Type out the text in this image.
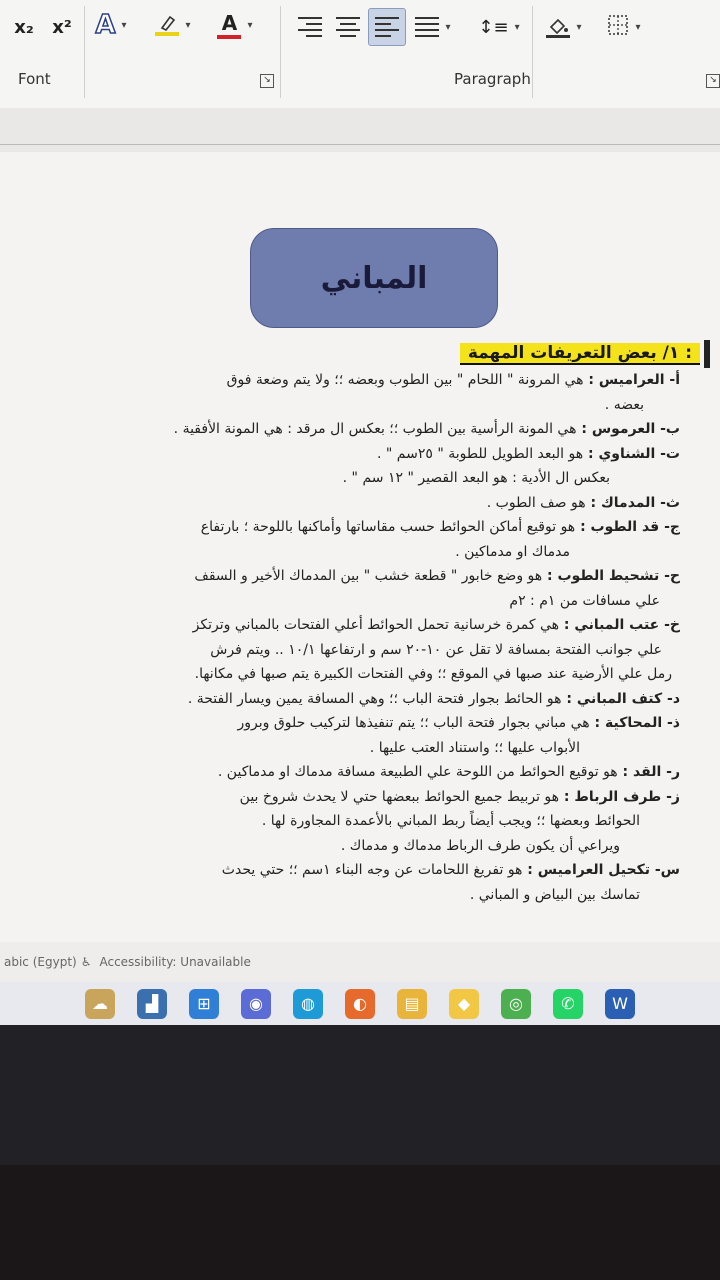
x₂ x² A ▾	▾ A ▾
Font	↘
▾ ↕≡ ▾	▾	▾
Paragraph	↘
المباني
١/ بعض التعريفات المهمة :
أ- العراميس : هي المرونة " اللحام " بين الطوب وبعضه ؛؛ ولا يتم وضعة فوق
بعضه .
ب- العرموس : هي المونة الرأسية بين الطوب ؛؛ بعكس ال مرقد : هي المونة الأفقية .
ت- الشناوي : هو البعد الطويل للطوبة " ٢٥سم " .
بعكس ال الأدية : هو البعد القصير " ١٢ سم " .
ث- المدماك : هو صف الطوب .
ج- قد الطوب : هو توقيع أماكن الحوائط حسب مقاساتها وأماكنها باللوحة ؛ بارتفاع
مدماك او مدماكين .
ح- تشحيط الطوب : هو وضع خابور " قطعة خشب " بين المدماك الأخير و السقف
علي مسافات من ١م : ٢م
خ- عتب المباني : هي كمرة خرسانية تحمل الحوائط أعلي الفتحات بالمباني وترتكز
علي جوانب الفتحة بمسافة لا تقل عن ١٠-٢٠ سم و ارتفاعها ١٠/١ .. ويتم فرش
رمل علي الأرضية عند صبها في الموقع ؛؛ وفي الفتحات الكبيرة يتم صبها في مكانها.
د- كتف المباني : هو الحائط بجوار فتحة الباب ؛؛ وهي المسافة يمين ويسار الفتحة .
ذ- المحاكية : هي مباني بجوار فتحة الباب ؛؛ يتم تنفيذها لتركيب حلوق وبرور
الأبواب عليها ؛؛ واستناد العتب عليها .
ر- القد : هو توقيع الحوائط من اللوحة علي الطبيعة مسافة مدماك او مدماكين .
ز- طرف الرباط : هو تربيط جميع الحوائط ببعضها حتي لا يحدث شروخ بين
الحوائط وبعضها ؛؛ ويجب أيضاً ربط المباني بالأعمدة المجاورة لها .
ويراعي أن يكون طرف الرباط مدماك و مدماك .
س- تكحيل العراميس : هو تفريغ اللحامات عن وجه البناء ١سم ؛؛ حتي يحدث
تماسك بين البياض و المباني .
abic (Egypt) ♿ Accessibility: Unavailable
☁	▟	⊞	◉	◍	◐	▤	◆	◎	✆	W
